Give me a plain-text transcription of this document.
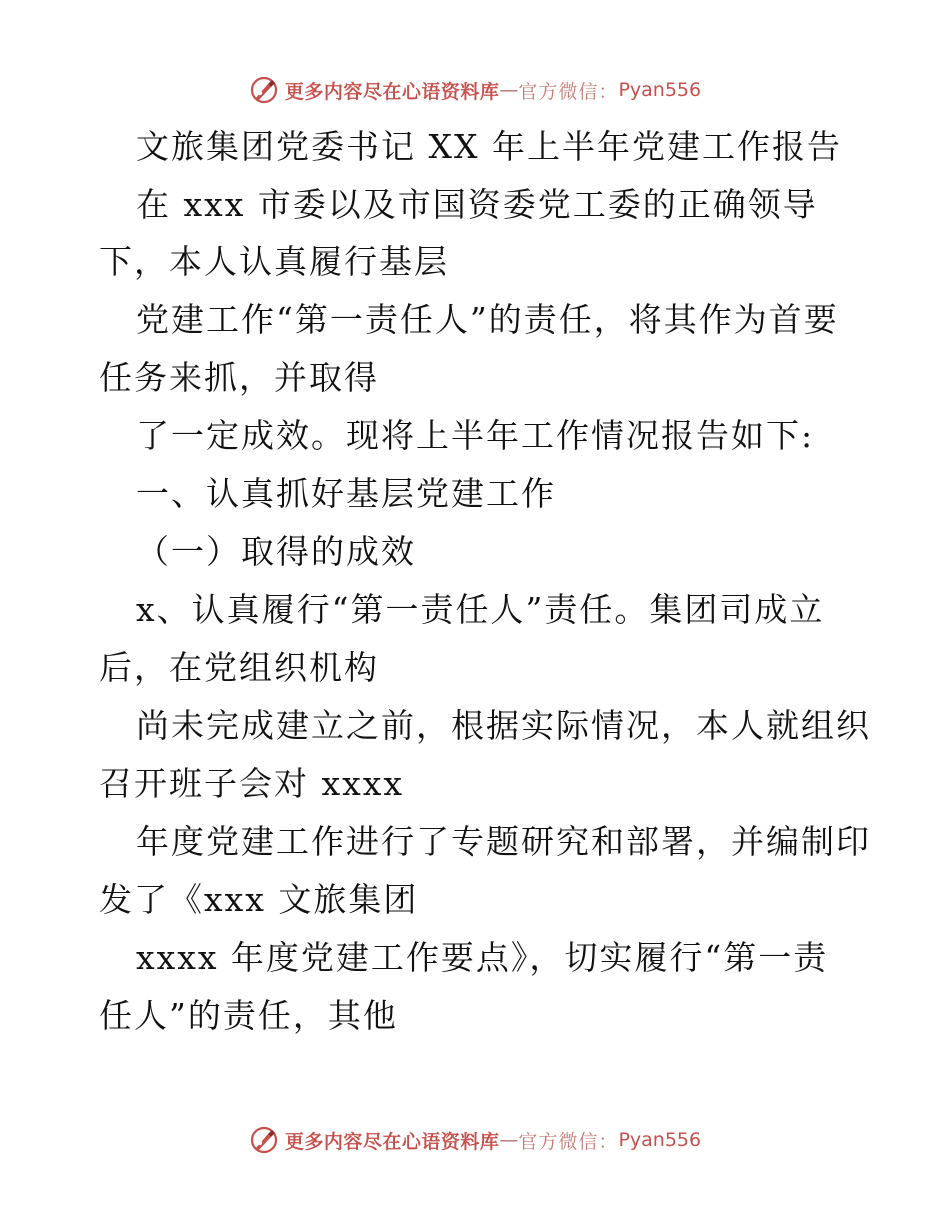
更多内容尽在心语资料库 — 官方微信： Pyan556
文旅集团党委书记 XX 年上半年党建工作报告
在 xxx 市委以及市国资委党工委的正确领导
下，本人认真履行基层
党建工作“第一责任人”的责任，将其作为首要
任务来抓，并取得
了一定成效。现将上半年工作情况报告如下:
一、认真抓好基层党建工作
（一）取得的成效
x、认真履行“第一责任人”责任。集团司成立
后，在党组织机构
尚未完成建立之前，根据实际情况，本人就组织
召开班子会对 xxxx
年度党建工作进行了专题研究和部署，并编制印
发了《xxx 文旅集团
xxxx 年度党建工作要点》，切实履行“第一责
任人”的责任，其他
更多内容尽在心语资料库 — 官方微信： Pyan556
